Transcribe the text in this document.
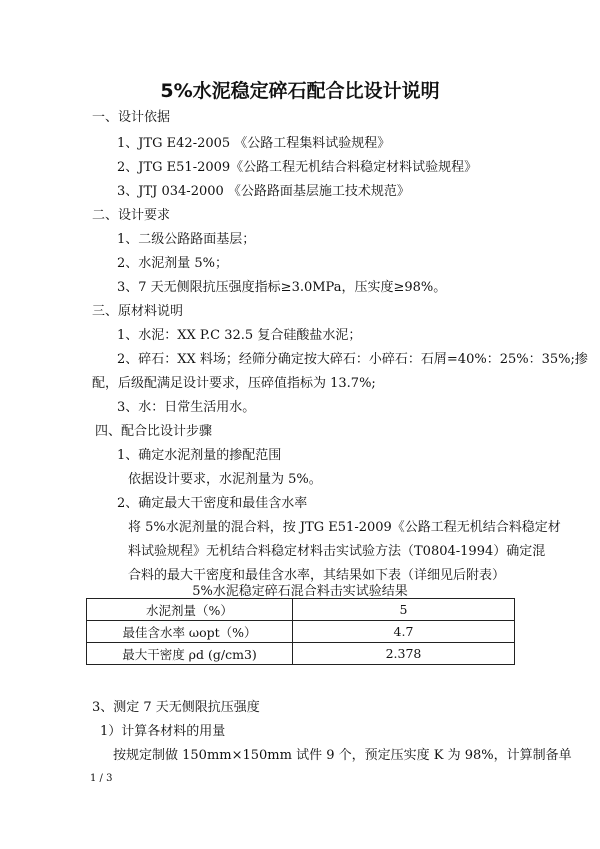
5%水泥稳定碎石配合比设计说明
一、设计依据
1、JTG E42-2005 《公路工程集料试验规程》
2、JTG E51-2009《公路工程无机结合料稳定材料试验规程》
3、JTJ 034-2000 《公路路面基层施工技术规范》
二、设计要求
1、二级公路路面基层；
2、水泥剂量 5%；
3、7 天无侧限抗压强度指标≥3.0MPa，压实度≥98%。
三、原材料说明
1、水泥：XX P.C 32.5 复合硅酸盐水泥；
2、碎石：XX 料场；经筛分确定按大碎石：小碎石：石屑=40%：25%：35%;掺
配，后级配满足设计要求，压碎值指标为 13.7%;
3、水：日常生活用水。
四、配合比设计步骤
1、确定水泥剂量的掺配范围
依据设计要求，水泥剂量为 5%。
2、确定最大干密度和最佳含水率
将 5%水泥剂量的混合料，按 JTG E51-2009《公路工程无机结合料稳定材
料试验规程》无机结合料稳定材料击实试验方法（T0804-1994）确定混
合料的最大干密度和最佳含水率，其结果如下表（详细见后附表）
5%水泥稳定碎石混合料击实试验结果
水泥剂量（%）	5
最佳含水率 ωopt（%）	4.7
最大干密度 ρd (g/cm3)	2.378
3、测定 7 天无侧限抗压强度
1）计算各材料的用量
按规定制做 150mm×150mm 试件 9 个，预定压实度 K 为 98%，计算制备单
1 / 3
